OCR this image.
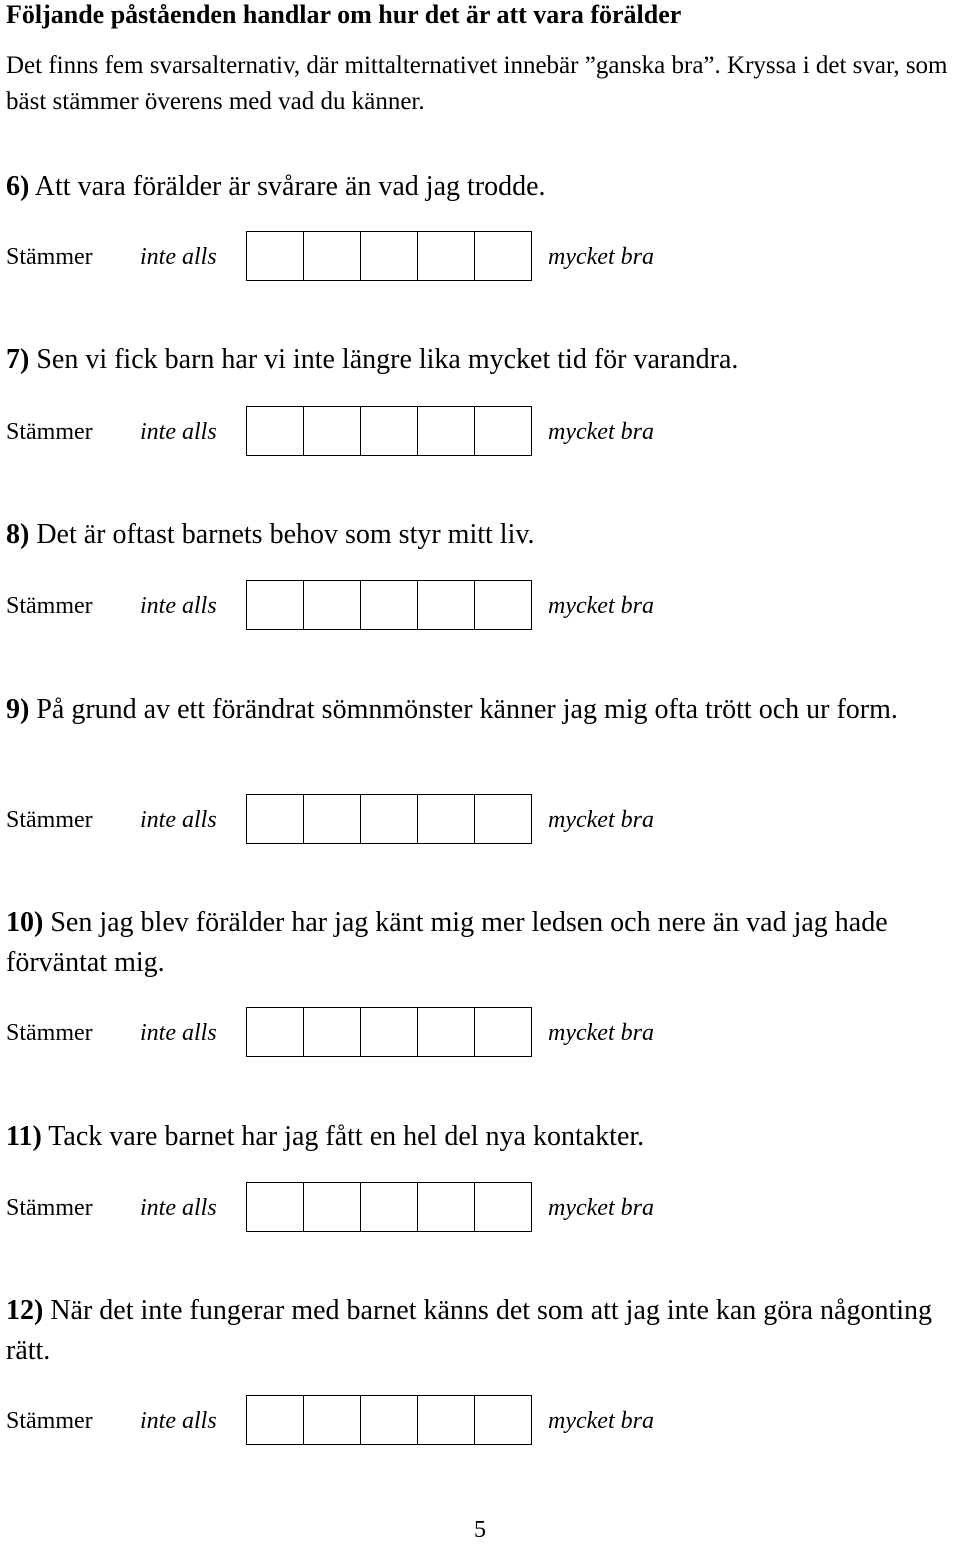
Följande påståenden handlar om hur det är att vara förälder
Det finns fem svarsalternativ, där mittalternativet innebär ”ganska bra”. Kryssa i det svar, som bäst stämmer överens med vad du känner.
6) Att vara förälder är svårare än vad jag trodde.
Stämmer inte alls	mycket bra
7) Sen vi fick barn har vi inte längre lika mycket tid för varandra.
Stämmer inte alls	mycket bra
8) Det är oftast barnets behov som styr mitt liv.
Stämmer inte alls	mycket bra
9) På grund av ett förändrat sömnmönster känner jag mig ofta trött och ur form.
Stämmer inte alls	mycket bra
10) Sen jag blev förälder har jag känt mig mer ledsen och nere än vad jag hade förväntat mig.
Stämmer inte alls	mycket bra
11) Tack vare barnet har jag fått en hel del nya kontakter.
Stämmer inte alls	mycket bra
12) När det inte fungerar med barnet känns det som att jag inte kan göra någonting rätt.
Stämmer inte alls	mycket bra
5
